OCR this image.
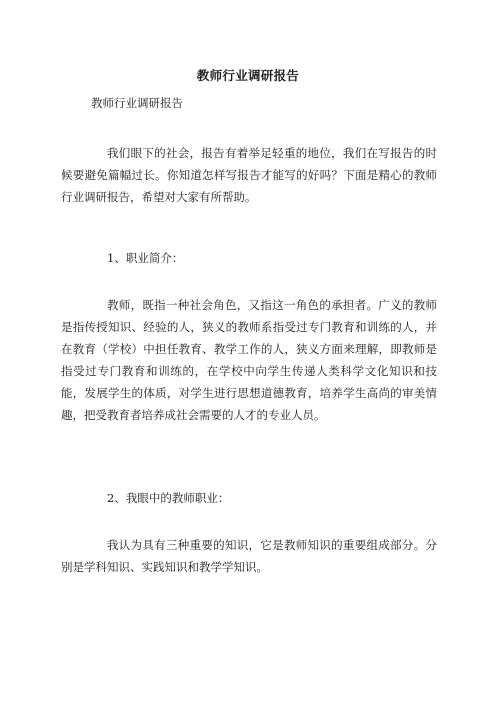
教师行业调研报告
教师行业调研报告

我们眼下的社会，报告有着举足轻重的地位，我们在写报告的时候要避免篇幅过长。你知道怎样写报告才能写的好吗？下面是精心的教师行业调研报告，希望对大家有所帮助。

1、职业简介：

教师，既指一种社会角色，又指这一角色的承担者。广义的教师是指传授知识、经验的人，狭义的教师系指受过专门教育和训练的人，并在教育（学校）中担任教育、教学工作的人，狭义方面来理解，即教师是指受过专门教育和训练的，在学校中向学生传递人类科学文化知识和技能，发展学生的体质，对学生进行思想道德教育，培养学生高尚的审美情趣，把受教育者培养成社会需要的人才的专业人员。

2、我眼中的教师职业：

我认为具有三种重要的知识，它是教师知识的重要组成部分。分别是学科知识、实践知识和教学学知识。
